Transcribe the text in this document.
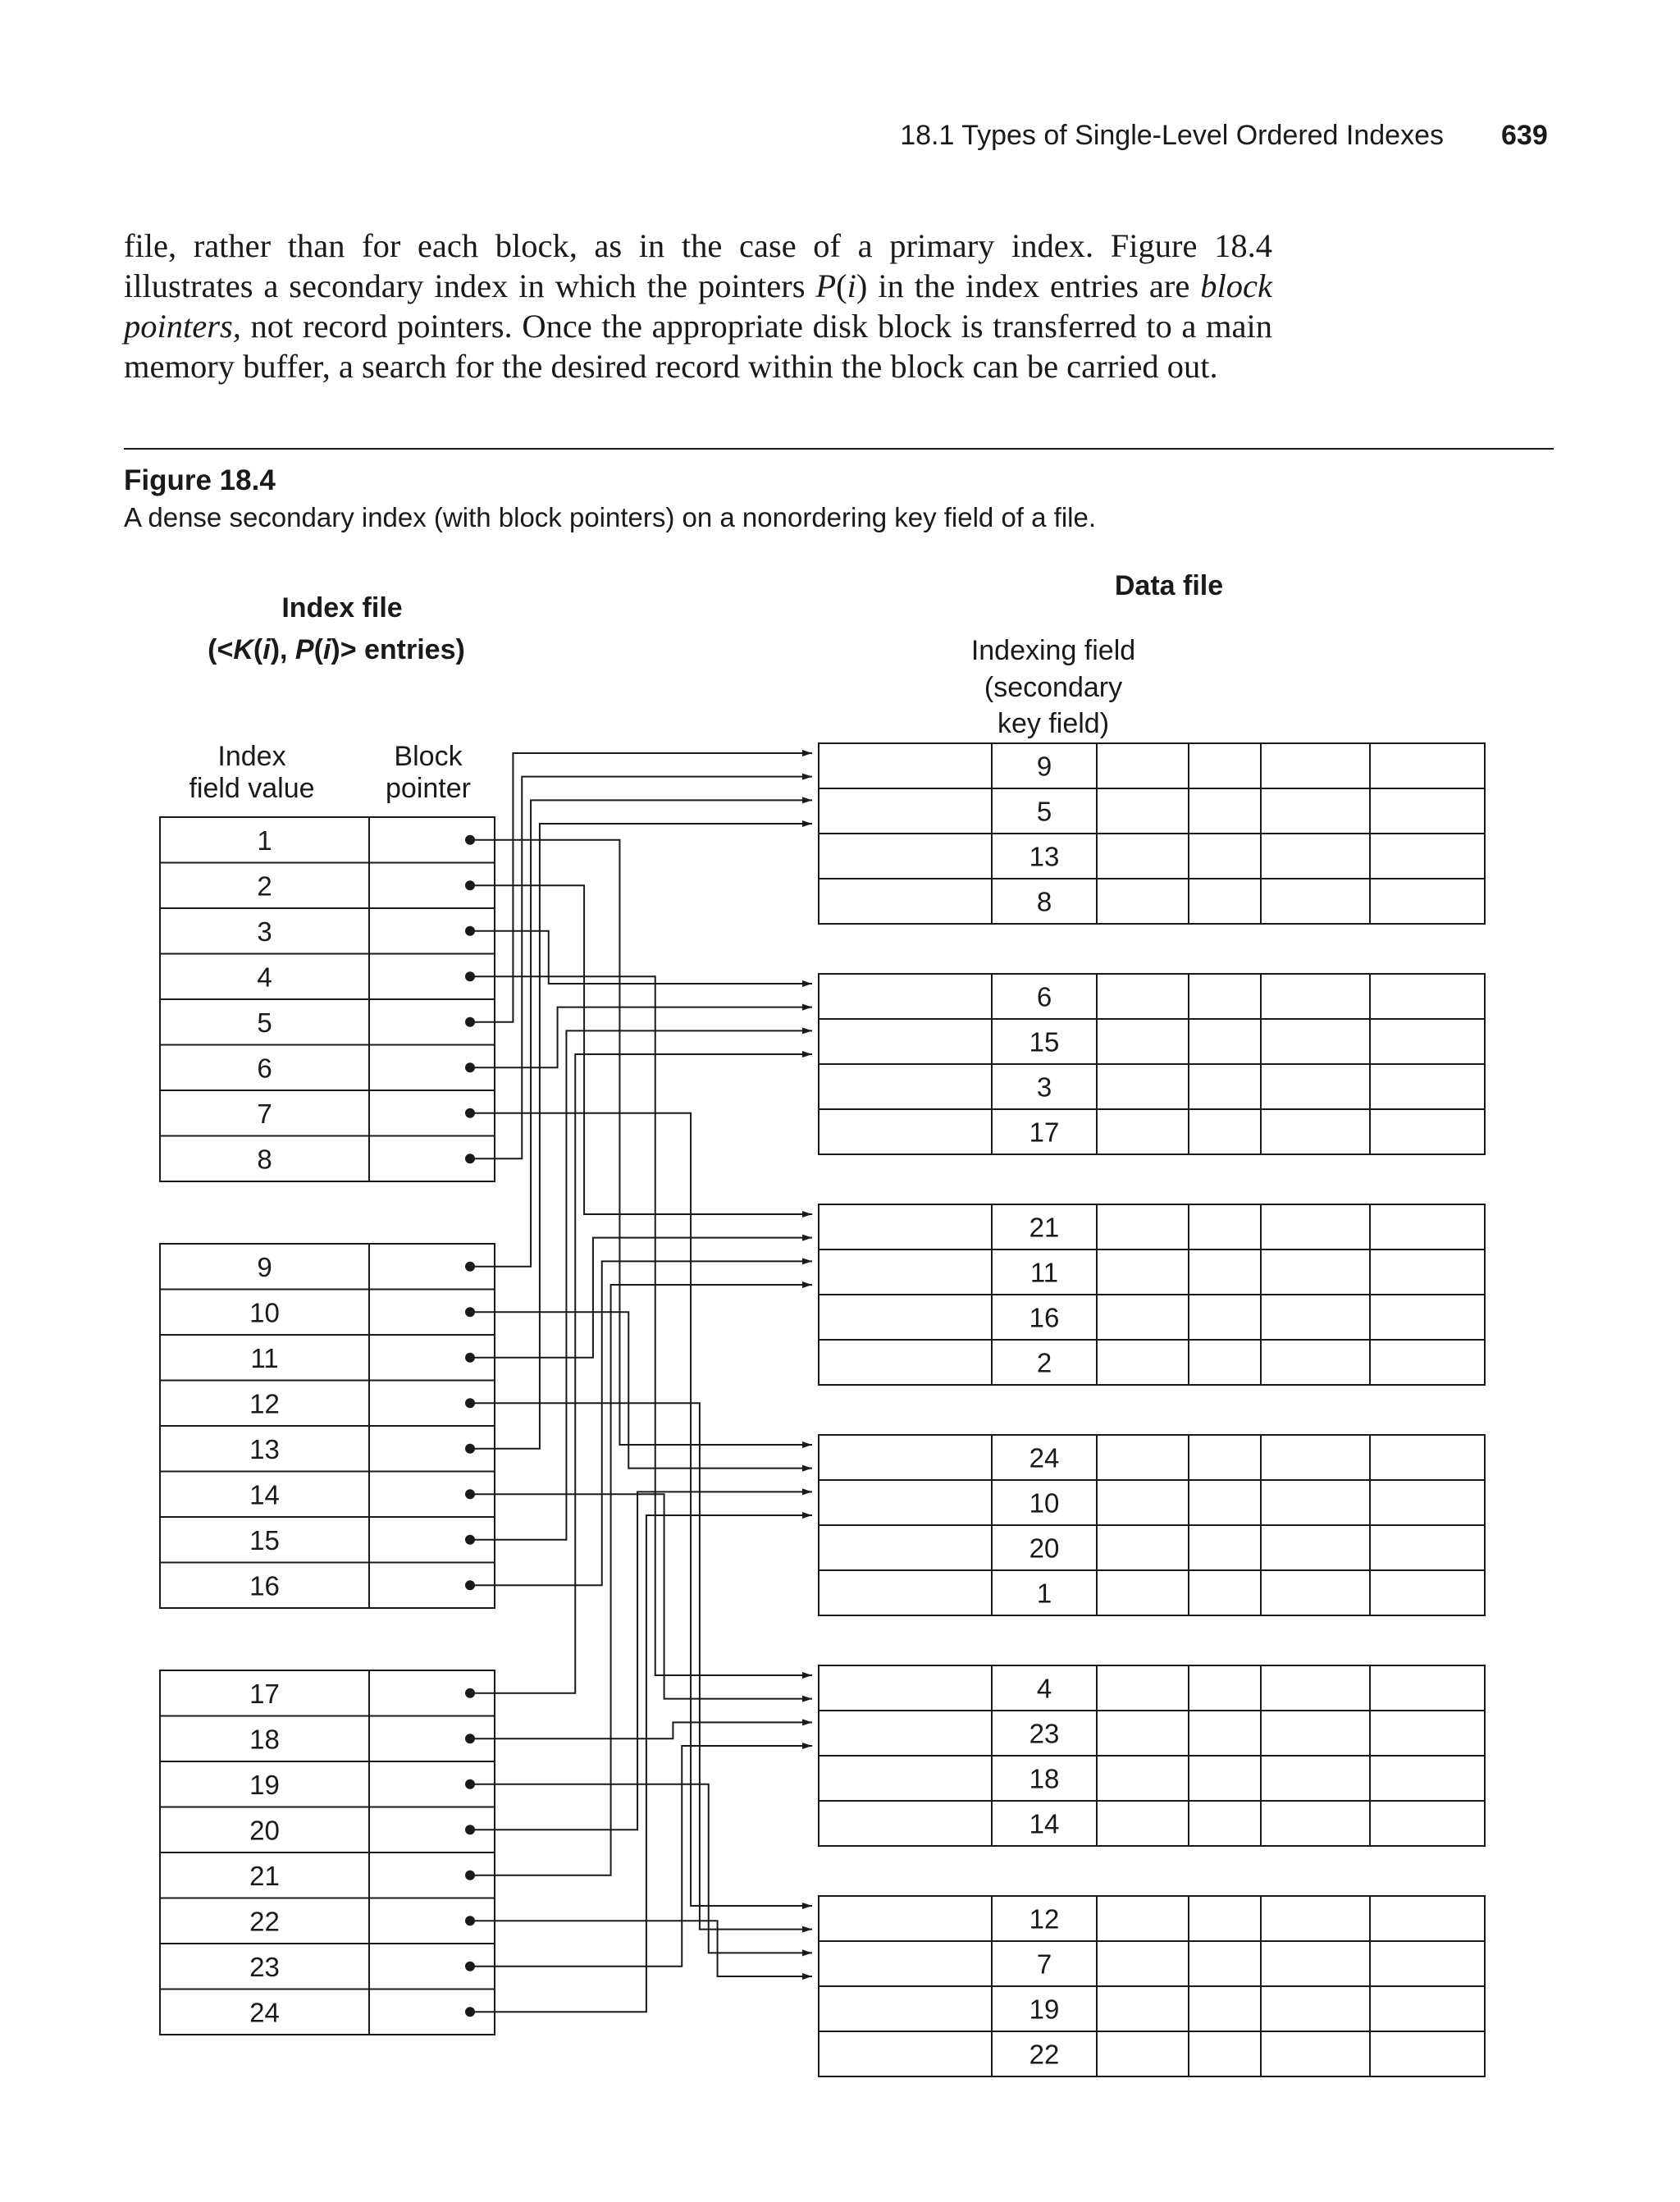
18.1 Types of Single-Level Ordered Indexes 639

file, rather than for each block, as in the case of a primary index. Figure 18.4 illustrates a secondary index in which the pointers P(i) in the index entries are block pointers, not record pointers. Once the appropriate disk block is transferred to a main memory buffer, a search for the desired record within the block can be carried out.

Figure 18.4
A dense secondary index (with block pointers) on a nonordering key field of a file.
Data file
Index file
(<K(i), P(i)> entries)	Indexing field
(secondary
key field)
Index
field value
Block
pointer
1
2
3
4
5
6
7
8
9
10
11
12
13
14
15
16
17
18
19
20
21
22
23
24
9
5
13
8
6
15
3
17
21
11
16
2
24
10
20
1
4
23
18
14
12
7
19
22
